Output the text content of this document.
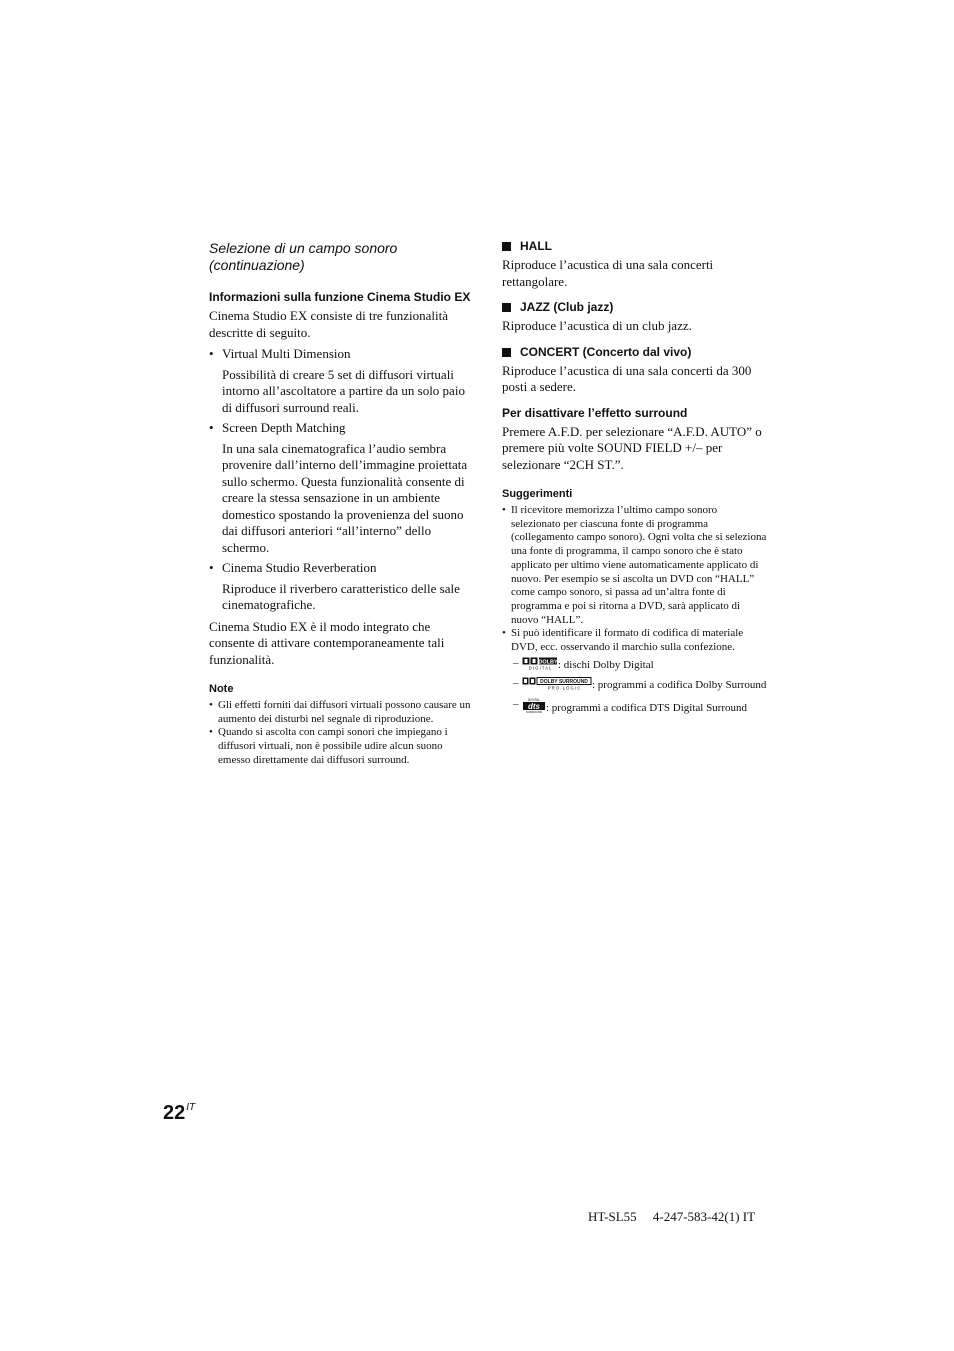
Selezione di un campo sonoro (continuazione)

Informazioni sulla funzione Cinema Studio EX

Cinema Studio EX consiste di tre funzionalità descritte di seguito.

• Virtual Multi Dimension

Possibilità di creare 5 set di diffusori virtuali intorno all’ascoltatore a partire da un solo paio di diffusori surround reali.

• Screen Depth Matching

In una sala cinematografica l’audio sembra provenire dall’interno dell’immagine proiettata sullo schermo. Questa funzionalità consente di creare la stessa sensazione in un ambiente domestico spostando la provenienza del suono dai diffusori anteriori “all’interno” dello schermo.

• Cinema Studio Reverberation

Riproduce il riverbero caratteristico delle sale cinematografiche.

Cinema Studio EX è il modo integrato che consente di attivare contemporaneamente tali funzionalità.

Note

• Gli effetti forniti dai diffusori virtuali possono causare un aumento dei disturbi nel segnale di riproduzione.

• Quando si ascolta con campi sonori che impiegano i diffusori virtuali, non è possibile udire alcun suono emesso direttamente dai diffusori surround.

HALL

Riproduce l’acustica di una sala concerti rettangolare.

JAZZ (Club jazz)

Riproduce l’acustica di un club jazz.

CONCERT (Concerto dal vivo)

Riproduce l’acustica di una sala concerti da 300 posti a sedere.

Per disattivare l’effetto surround

Premere A.F.D. per selezionare “A.F.D. AUTO” o premere più volte SOUND FIELD +/– per selezionare “2CH ST.”.

Suggerimenti

• Il ricevitore memorizza l’ultimo campo sonoro selezionato per ciascuna fonte di programma (collegamento campo sonoro). Ogni volta che si seleziona una fonte di programma, il campo sonoro che è stato applicato per ultimo viene automaticamente applicato di nuovo. Per esempio se si ascolta un DVD con “HALL” come campo sonoro, si passa ad un’altra fonte di programma e poi si ritorna a DVD, sarà applicato di nuovo “HALL”.

• Si può identificare il formato di codifica di materiale DVD, ecc. osservando il marchio sulla confezione.

–	DOLBY
D I G I T A L : dischi Dolby Digital

–	DOLBY SURROUND
P R O · L O G I C : programmi a codifica Dolby Surround

–	DIGITAL
dts
SURROUND : programmi a codifica DTS Digital Surround

$22^{IT}$
HT-SL55     4-247-583-42(1) IT
